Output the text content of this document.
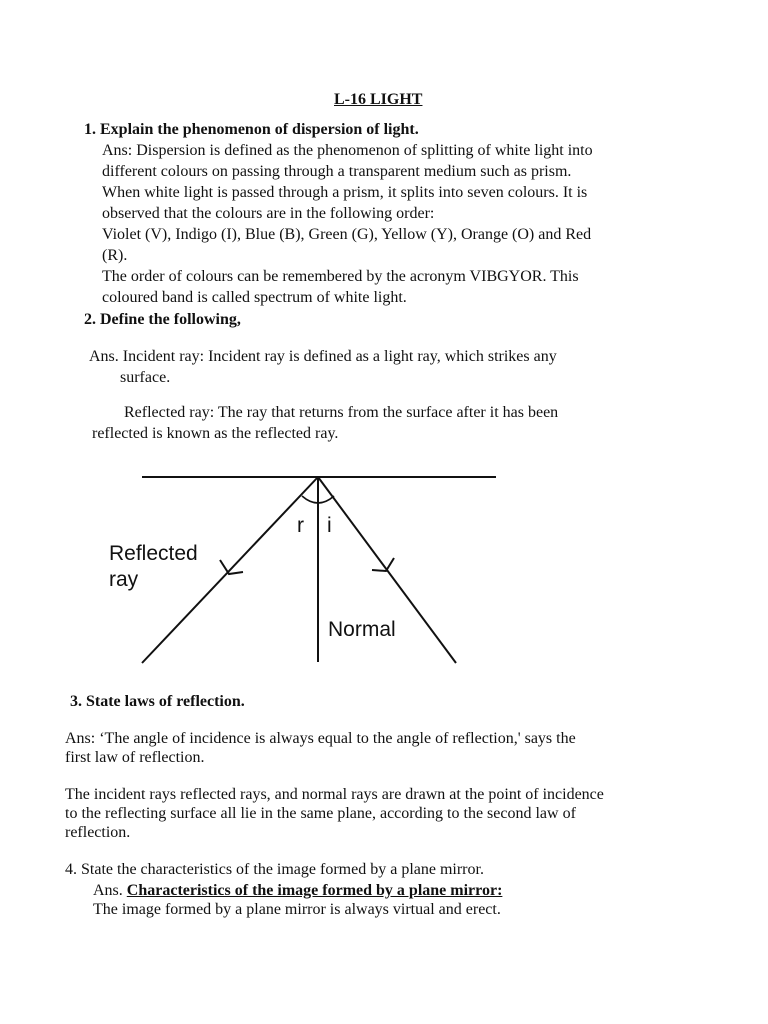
L-16 LIGHT
1. Explain the phenomenon of dispersion of light.
Ans: Dispersion is defined as the phenomenon of splitting of white light into
different colours on passing through a transparent medium such as prism.
When white light is passed through a prism, it splits into seven colours. It is
observed that the colours are in the following order:
Violet (V), Indigo (I), Blue (B), Green (G), Yellow (Y), Orange (O) and Red
(R).
The order of colours can be remembered by the acronym VIBGYOR. This
coloured band is called spectrum of white light.
2. Define the following,
Ans. Incident ray: Incident ray is defined as a light ray, which strikes any
surface.
Reflected ray: The ray that returns from the surface after it has been
reflected is known as the reflected ray.
r i
Reflected
ray
Normal
3. State laws of reflection.
Ans: ‘The angle of incidence is always equal to the angle of reflection,' says the
first law of reflection.
The incident rays reflected rays, and normal rays are drawn at the point of incidence
to the reflecting surface all lie in the same plane, according to the second law of
reflection.
4. State the characteristics of the image formed by a plane mirror.
Ans. Characteristics of the image formed by a plane mirror:
The image formed by a plane mirror is always virtual and erect.
